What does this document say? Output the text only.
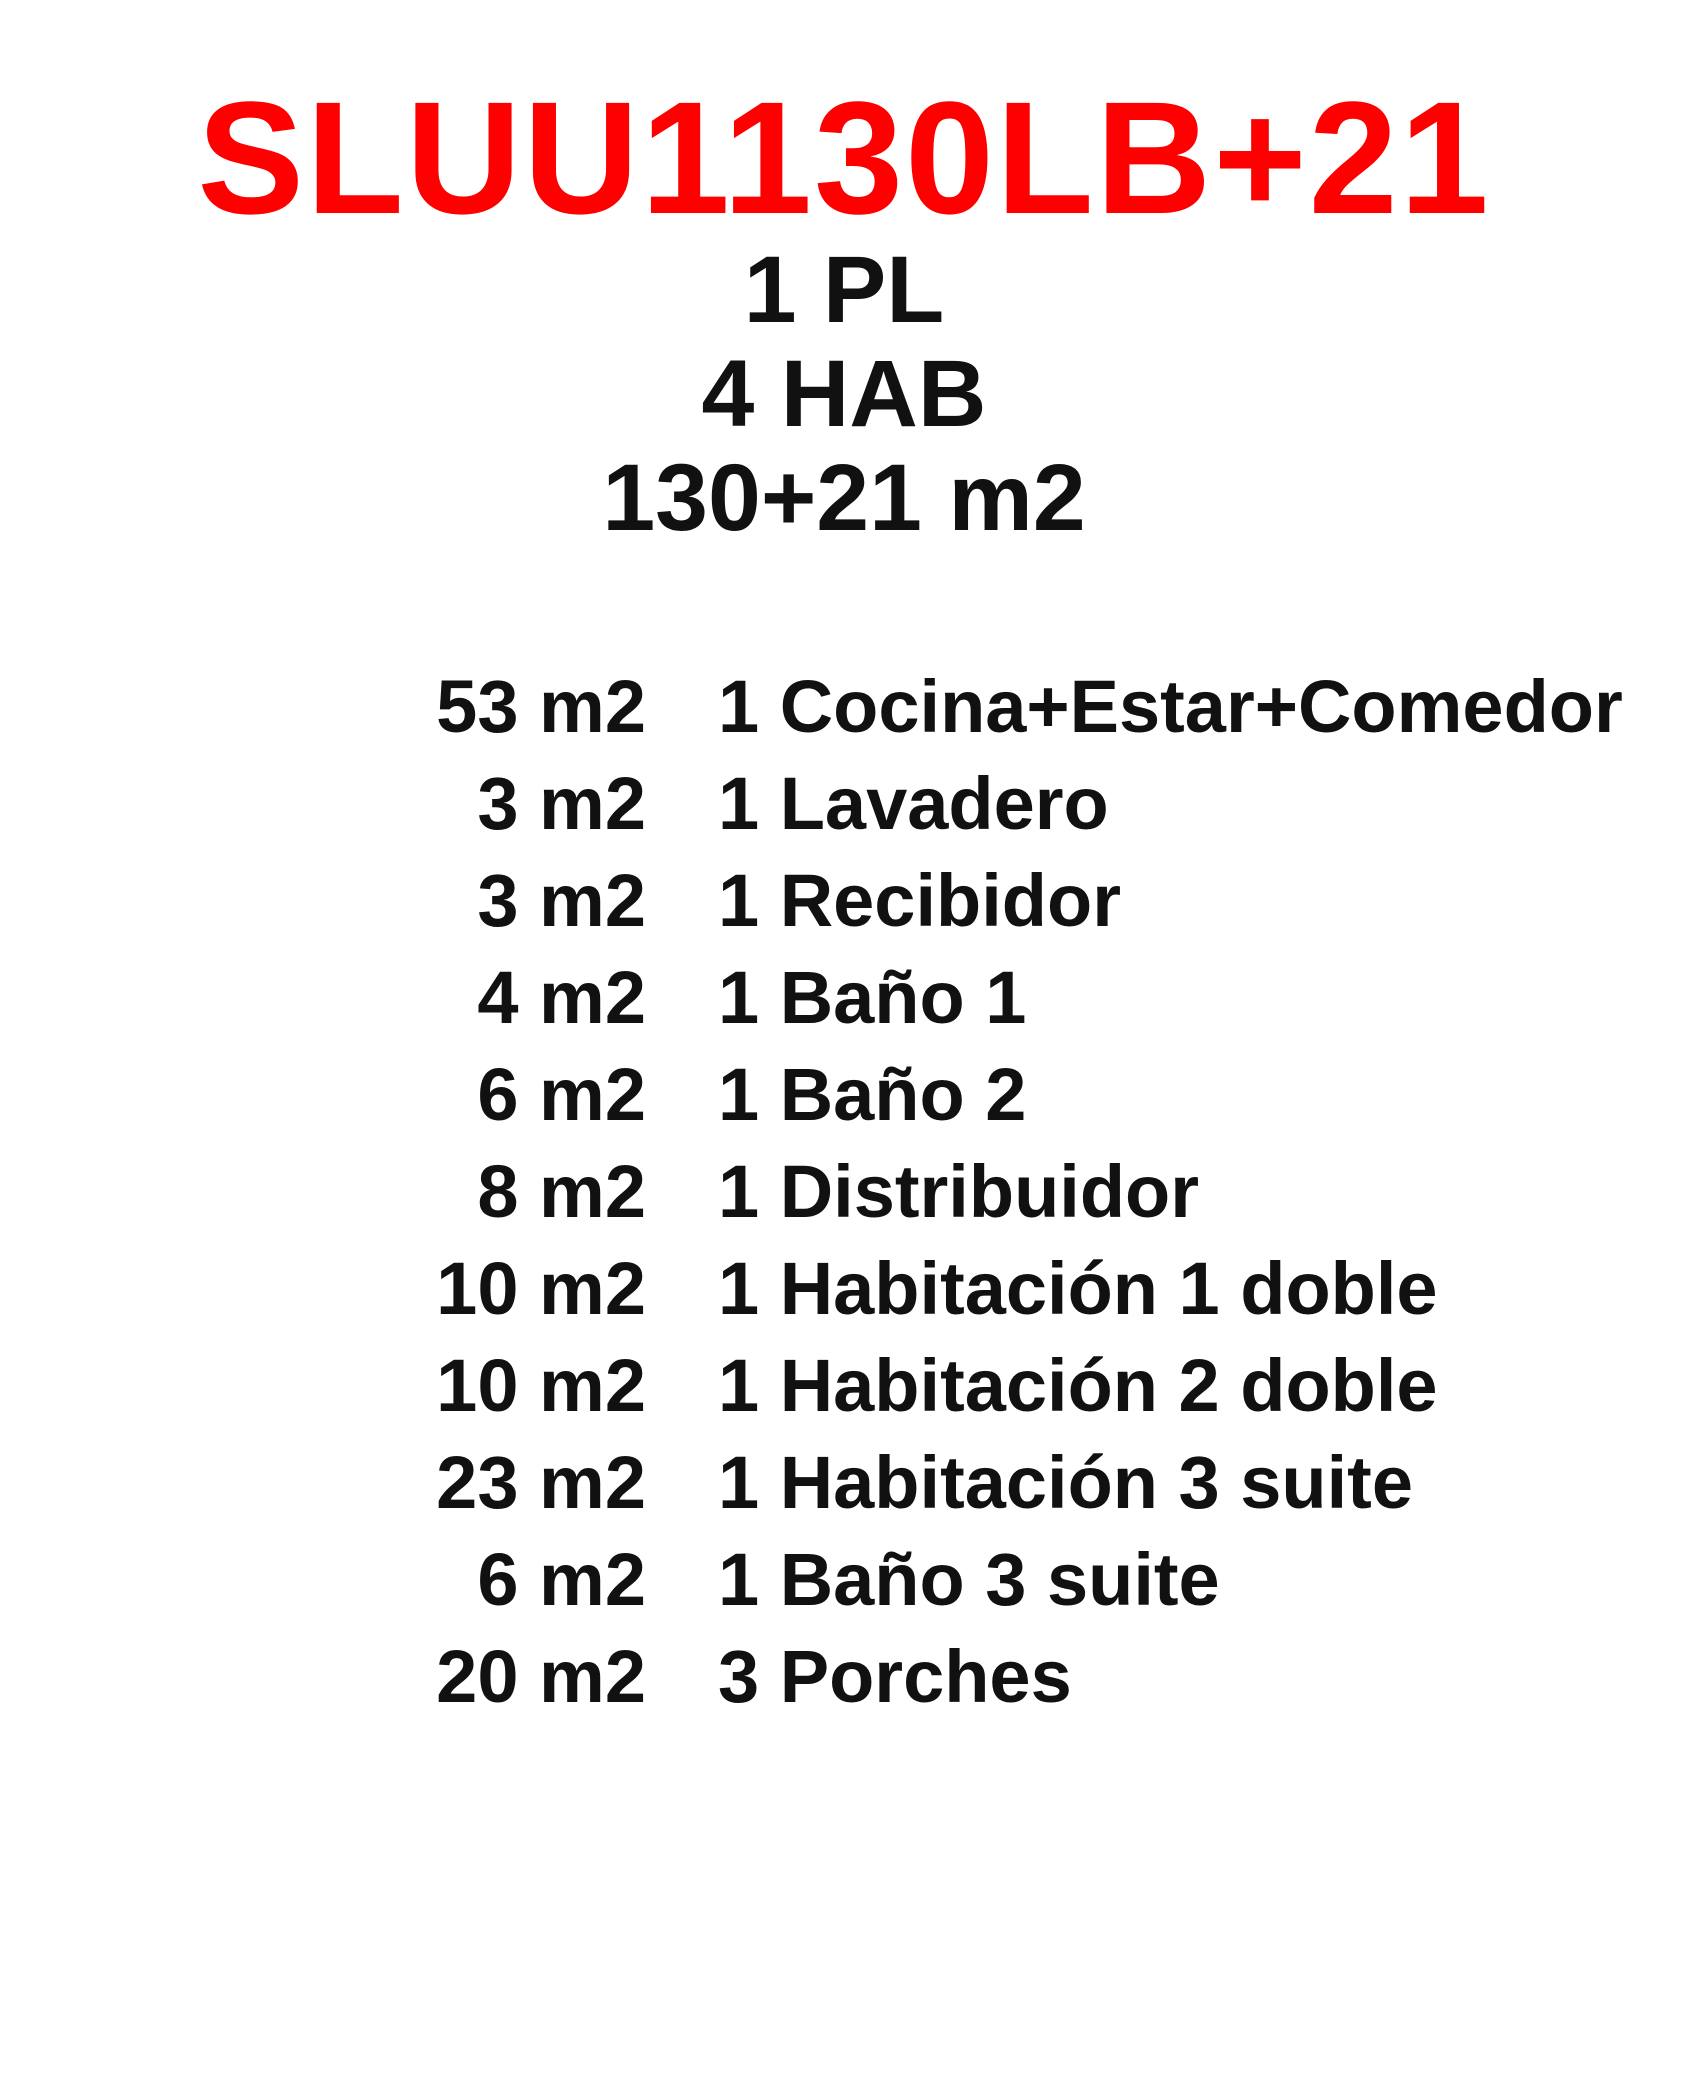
SLUU1130LB+21
1 PL
4 HAB
130+21 m2
53 m2 1 Cocina+Estar+Comedor
3 m2 1 Lavadero
3 m2 1 Recibidor
4 m2 1 Baño 1
6 m2 1 Baño 2
8 m2 1 Distribuidor
10 m2 1 Habitación 1 doble
10 m2 1 Habitación 2 doble
23 m2 1 Habitación 3 suite
6 m2 1 Baño 3 suite
20 m2 3 Porches
